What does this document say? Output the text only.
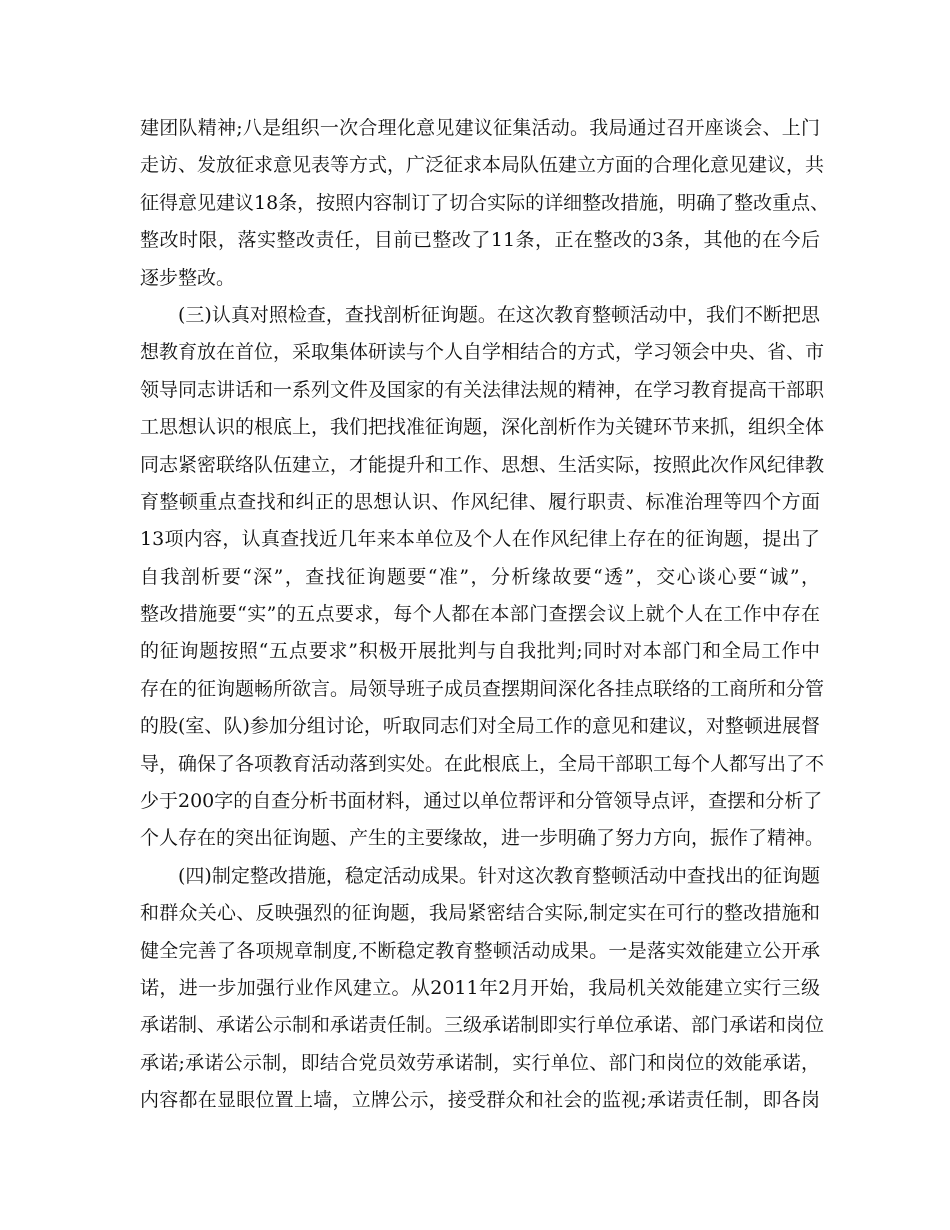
建团队精神;八是组织一次合理化意见建议征集活动。我局通过召开座谈会、上门
走访、发放征求意见表等方式，广泛征求本局队伍建立方面的合理化意见建议，共
征得意见建议18条，按照内容制订了切合实际的详细整改措施，明确了整改重点、
整改时限，落实整改责任，目前已整改了11条，正在整改的3条，其他的在今后
逐步整改。
(三)认真对照检查，查找剖析征询题。在这次教育整顿活动中，我们不断把思
想教育放在首位，采取集体研读与个人自学相结合的方式，学习领会中央、省、市
领导同志讲话和一系列文件及国家的有关法律法规的精神，在学习教育提高干部职
工思想认识的根底上，我们把找准征询题，深化剖析作为关键环节来抓，组织全体
同志紧密联络队伍建立，才能提升和工作、思想、生活实际，按照此次作风纪律教
育整顿重点查找和纠正的思想认识、作风纪律、履行职责、标准治理等四个方面
13项内容，认真查找近几年来本单位及个人在作风纪律上存在的征询题，提出了
自我剖析要“深”，查找征询题要“准”，分析缘故要“透”，交心谈心要“诚”，
整改措施要“实”的五点要求，每个人都在本部门查摆会议上就个人在工作中存在
的征询题按照“五点要求”积极开展批判与自我批判;同时对本部门和全局工作中
存在的征询题畅所欲言。局领导班子成员查摆期间深化各挂点联络的工商所和分管
的股(室、队)参加分组讨论，听取同志们对全局工作的意见和建议，对整顿进展督
导，确保了各项教育活动落到实处。在此根底上，全局干部职工每个人都写出了不
少于200字的自查分析书面材料，通过以单位帮评和分管领导点评，查摆和分析了
个人存在的突出征询题、产生的主要缘故，进一步明确了努力方向，振作了精神。
(四)制定整改措施，稳定活动成果。针对这次教育整顿活动中查找出的征询题
和群众关心、反映强烈的征询题，我局紧密结合实际,制定实在可行的整改措施和
健全完善了各项规章制度,不断稳定教育整顿活动成果。一是落实效能建立公开承
诺，进一步加强行业作风建立。从2011年2月开始，我局机关效能建立实行三级
承诺制、承诺公示制和承诺责任制。三级承诺制即实行单位承诺、部门承诺和岗位
承诺;承诺公示制，即结合党员效劳承诺制，实行单位、部门和岗位的效能承诺，
内容都在显眼位置上墙，立牌公示，接受群众和社会的监视;承诺责任制，即各岗
